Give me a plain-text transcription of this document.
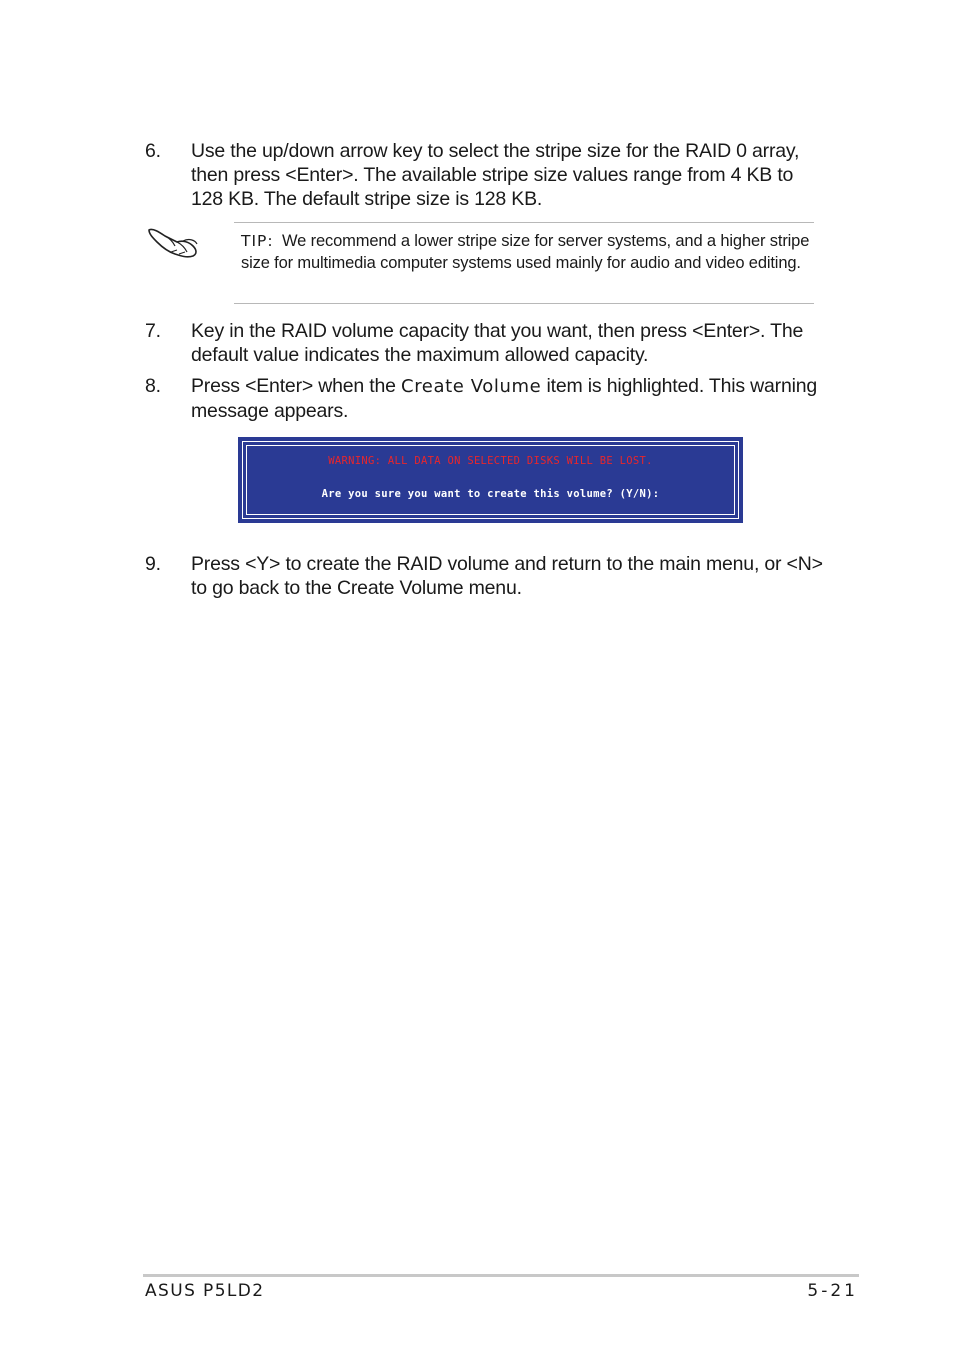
6.	Use the up/down arrow key to select the stripe size for the RAID 0 array, then press <Enter>. The available stripe size values range from 4 KB to 128 KB. The default stripe size is 128 KB.
TIP: We recommend a lower stripe size for server systems, and a higher stripe size for multimedia computer systems used mainly for audio and video editing.
7.	Key in the RAID volume capacity that you want, then press <Enter>. The default value indicates the maximum allowed capacity.
8.	Press <Enter> when the Create Volume item is highlighted. This warning message appears.
WARNING: ALL DATA ON SELECTED DISKS WILL BE LOST.
Are you sure you want to create this volume? (Y/N):
9.	Press <Y> to create the RAID volume and return to the main menu, or <N> to go back to the Create Volume menu.
ASUS P5LD2	5-21
